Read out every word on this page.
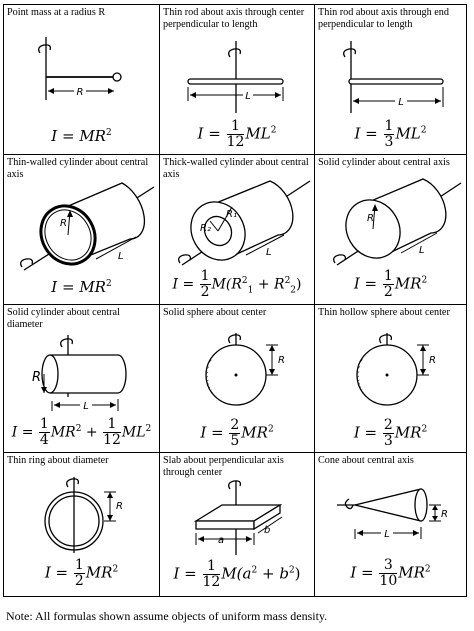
Point mass at a radius R
R
$I = MR^2$
Thin rod about axis through center perpendicular to length
L
$I = \frac{1}{12} ML^2$
Thin rod about axis through end perpendicular to length
L
$I = \frac{1}{3} ML^2$
Thin-walled cylinder about central axis
R
L
$I = MR^2$
Thick-walled cylinder about central axis
R₁
R₂
L
$I = \frac{1}{2} M(R^2_1 + R^2_2)$
Solid cylinder about central axis
R
L
$I = \frac{1}{2} MR^2$
Solid cylinder about central diameter
R
L
$I = \frac{1}{4} MR^2 + \frac{1}{12} ML^2$
Solid sphere about center
R
$I = \frac{2}{5} MR^2$
Thin hollow sphere about center
R
$I = \frac{2}{3} MR^2$
Thin ring about diameter
R
$I = \frac{1}{2} MR^2$
Slab about perpendicular axis through center
a
b
$I = \frac{1}{12} M(a^2 + b^2)$
Cone about central axis
R
L
$I = \frac{3}{10} MR^2$
Note: All formulas shown assume objects of uniform mass density.
